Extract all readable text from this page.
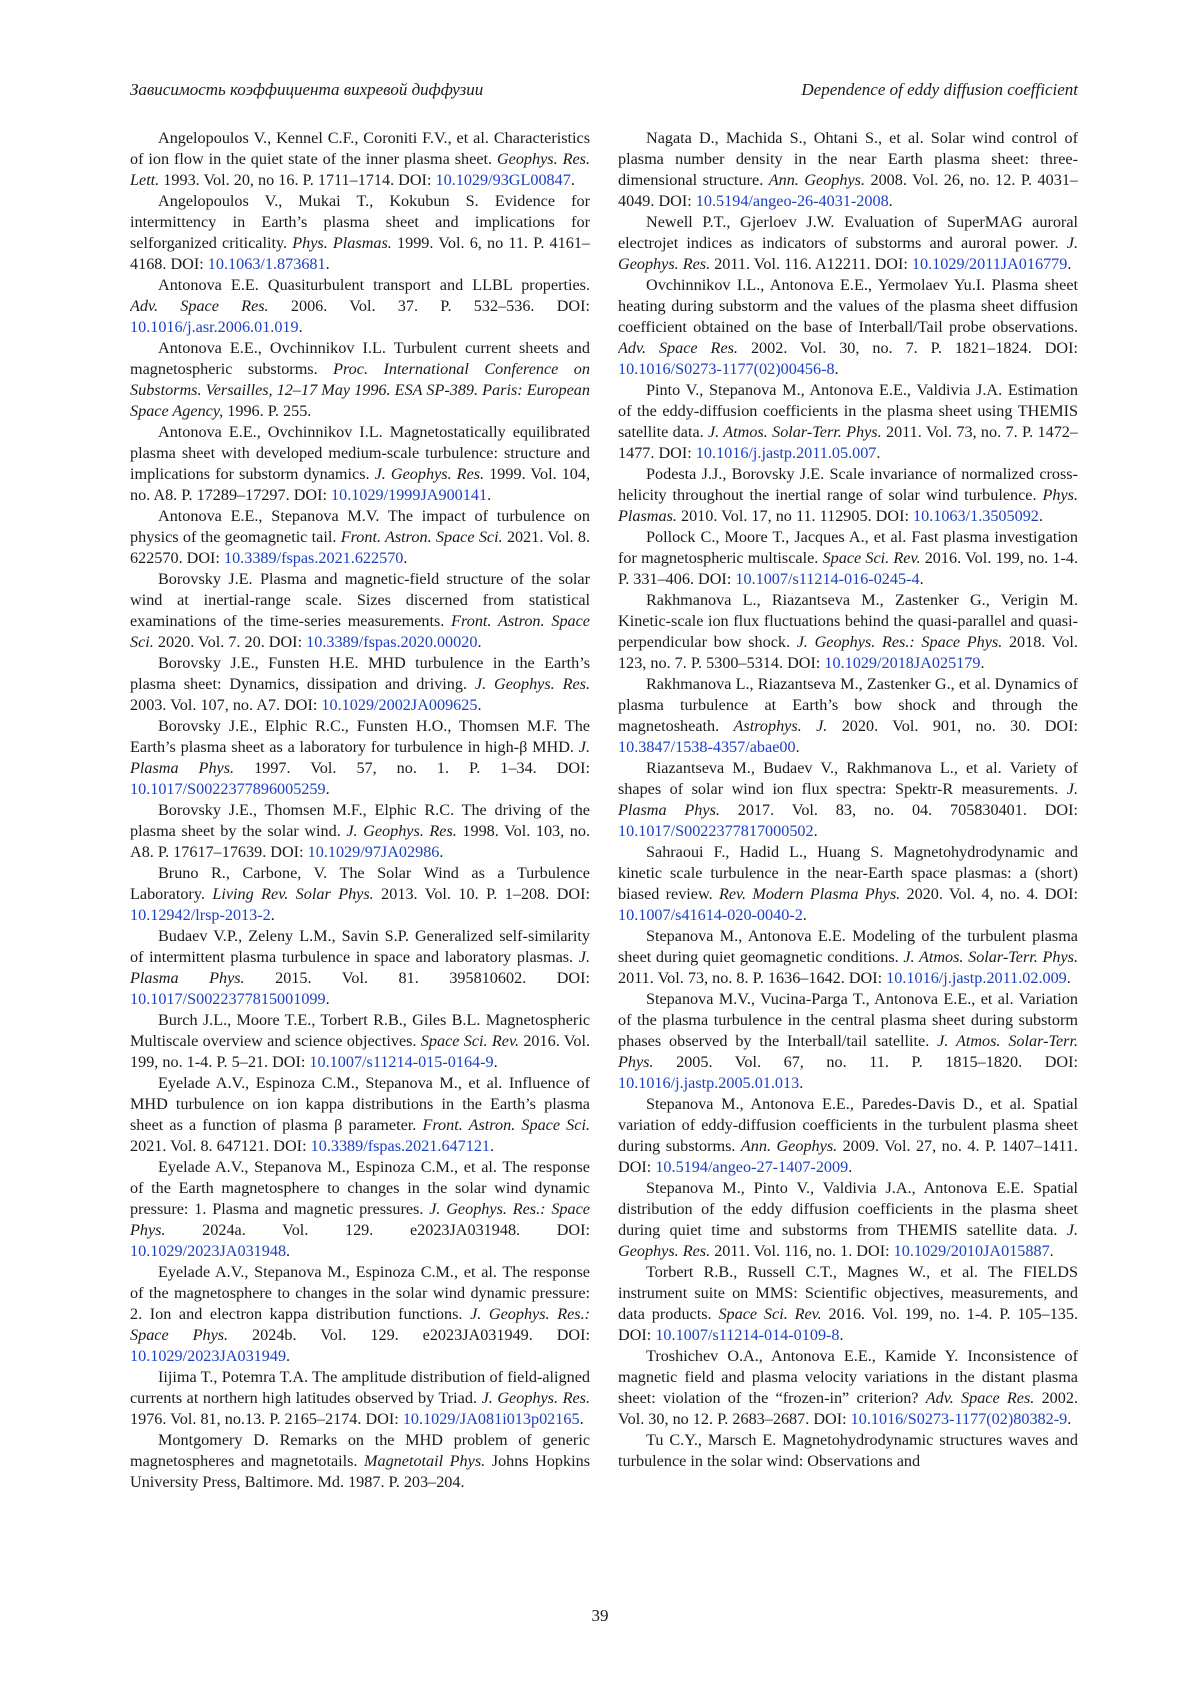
Зависимость коэффициента вихревой диффузии	Dependence of eddy diffusion coefficient

Angelopoulos V., Kennel C.F., Coroniti F.V., et al. Characteristics of ion flow in the quiet state of the inner plasma sheet. Geophys. Res. Lett. 1993. Vol. 20, no 16. P. 1711–1714. DOI: 10.1029/93GL00847.

Angelopoulos V., Mukai T., Kokubun S. Evidence for intermittency in Earth’s plasma sheet and implications for selforganized criticality. Phys. Plasmas. 1999. Vol. 6, no 11. P. 4161–4168. DOI: 10.1063/1.873681.

Antonova E.E. Quasiturbulent transport and LLBL properties. Adv. Space Res. 2006. Vol. 37. P. 532–536. DOI: 10.1016/j.asr.2006.01.019.

Antonova E.E., Ovchinnikov I.L. Turbulent current sheets and magnetospheric substorms. Proc. International Conference on Substorms. Versailles, 12–17 May 1996. ESA SP-389. Paris: European Space Agency, 1996. P. 255.

Antonova E.E., Ovchinnikov I.L. Magnetostatically equilibrated plasma sheet with developed medium-scale turbulence: structure and implications for substorm dynamics. J. Geophys. Res. 1999. Vol. 104, no. A8. P. 17289–17297. DOI: 10.1029/1999JA900141.

Antonova E.E., Stepanova M.V. The impact of turbulence on physics of the geomagnetic tail. Front. Astron. Space Sci. 2021. Vol. 8. 622570. DOI: 10.3389/fspas.2021.622570.

Borovsky J.E. Plasma and magnetic-field structure of the solar wind at inertial-range scale. Sizes discerned from statistical examinations of the time-series measurements. Front. Astron. Space Sci. 2020. Vol. 7. 20. DOI: 10.3389/fspas.2020.00020.

Borovsky J.E., Funsten H.E. MHD turbulence in the Earth’s plasma sheet: Dynamics, dissipation and driving. J. Geophys. Res. 2003. Vol. 107, no. A7. DOI: 10.1029/2002JA009625.

Borovsky J.E., Elphic R.C., Funsten H.O., Thomsen M.F. The Earth’s plasma sheet as a laboratory for turbulence in high-β MHD. J. Plasma Phys. 1997. Vol. 57, no. 1. P. 1–34. DOI: 10.1017/S0022377896005259.

Borovsky J.E., Thomsen M.F., Elphic R.C. The driving of the plasma sheet by the solar wind. J. Geophys. Res. 1998. Vol. 103, no. A8. P. 17617–17639. DOI: 10.1029/97JA02986.

Bruno R., Carbone, V. The Solar Wind as a Turbulence Laboratory. Living Rev. Solar Phys. 2013. Vol. 10. P. 1–208. DOI: 10.12942/lrsp-2013-2.

Budaev V.P., Zeleny L.M., Savin S.P. Generalized self-similarity of intermittent plasma turbulence in space and laboratory plasmas. J. Plasma Phys. 2015. Vol. 81. 395810602. DOI: 10.1017/S0022377815001099.

Burch J.L., Moore T.E., Torbert R.B., Giles B.L. Magnetospheric Multiscale overview and science objectives. Space Sci. Rev. 2016. Vol. 199, no. 1-4. P. 5–21. DOI: 10.1007/s11214-015-0164-9.

Eyelade A.V., Espinoza C.M., Stepanova M., et al. Influence of MHD turbulence on ion kappa distributions in the Earth’s plasma sheet as a function of plasma β parameter. Front. Astron. Space Sci. 2021. Vol. 8. 647121. DOI: 10.3389/fspas.2021.647121.

Eyelade A.V., Stepanova M., Espinoza C.M., et al. The response of the Earth magnetosphere to changes in the solar wind dynamic pressure: 1. Plasma and magnetic pressures. J. Geophys. Res.: Space Phys. 2024a. Vol. 129. e2023JA031948. DOI: 10.1029/2023JA031948.

Eyelade A.V., Stepanova M., Espinoza C.M., et al. The response of the magnetosphere to changes in the solar wind dynamic pressure: 2. Ion and electron kappa distribution functions. J. Geophys. Res.: Space Phys. 2024b. Vol. 129. e2023JA031949. DOI: 10.1029/2023JA031949.

Iijima T., Potemra T.A. The amplitude distribution of field-aligned currents at northern high latitudes observed by Triad. J. Geophys. Res. 1976. Vol. 81, no.13. P. 2165–2174. DOI: 10.1029/JA081i013p02165.

Montgomery D. Remarks on the MHD problem of generic magnetospheres and magnetotails. Magnetotail Phys. Johns Hopkins University Press, Baltimore. Md. 1987. P. 203–204.

Nagata D., Machida S., Ohtani S., et al. Solar wind control of plasma number density in the near Earth plasma sheet: three-dimensional structure. Ann. Geophys. 2008. Vol. 26, no. 12. P. 4031–4049. DOI: 10.5194/angeo-26-4031-2008.

Newell P.T., Gjerloev J.W. Evaluation of SuperMAG auroral electrojet indices as indicators of substorms and auroral power. J. Geophys. Res. 2011. Vol. 116. A12211. DOI: 10.1029/2011JA016779.

Ovchinnikov I.L., Antonova E.E., Yermolaev Yu.I. Plasma sheet heating during substorm and the values of the plasma sheet diffusion coefficient obtained on the base of Interball/Tail probe observations. Adv. Space Res. 2002. Vol. 30, no. 7. P. 1821–1824. DOI: 10.1016/S0273-1177(02)00456-8.

Pinto V., Stepanova M., Antonova E.E., Valdivia J.A. Estimation of the eddy-diffusion coefficients in the plasma sheet using THEMIS satellite data. J. Atmos. Solar-Terr. Phys. 2011. Vol. 73, no. 7. P. 1472–1477. DOI: 10.1016/j.jastp.2011.05.007.

Podesta J.J., Borovsky J.E. Scale invariance of normalized cross-helicity throughout the inertial range of solar wind turbulence. Phys. Plasmas. 2010. Vol. 17, no 11. 112905. DOI: 10.1063/1.3505092.

Pollock C., Moore T., Jacques A., et al. Fast plasma investigation for magnetospheric multiscale. Space Sci. Rev. 2016. Vol. 199, no. 1-4. P. 331–406. DOI: 10.1007/s11214-016-0245-4.

Rakhmanova L., Riazantseva M., Zastenker G., Verigin M. Kinetic-scale ion flux fluctuations behind the quasi-parallel and quasi-perpendicular bow shock. J. Geophys. Res.: Space Phys. 2018. Vol. 123, no. 7. P. 5300–5314. DOI: 10.1029/2018JA025179.

Rakhmanova L., Riazantseva M., Zastenker G., et al. Dynamics of plasma turbulence at Earth’s bow shock and through the magnetosheath. Astrophys. J. 2020. Vol. 901, no. 30. DOI: 10.3847/1538-4357/abae00.

Riazantseva M., Budaev V., Rakhmanova L., et al. Variety of shapes of solar wind ion flux spectra: Spektr-R measurements. J. Plasma Phys. 2017. Vol. 83, no. 04. 705830401. DOI: 10.1017/S0022377817000502.

Sahraoui F., Hadid L., Huang S. Magnetohydrodynamic and kinetic scale turbulence in the near-Earth space plasmas: a (short) biased review. Rev. Modern Plasma Phys. 2020. Vol. 4, no. 4. DOI: 10.1007/s41614-020-0040-2.

Stepanova M., Antonova E.E. Modeling of the turbulent plasma sheet during quiet geomagnetic conditions. J. Atmos. Solar-Terr. Phys. 2011. Vol. 73, no. 8. P. 1636–1642. DOI: 10.1016/j.jastp.2011.02.009.

Stepanova M.V., Vucina-Parga T., Antonova E.E., et al. Variation of the plasma turbulence in the central plasma sheet during substorm phases observed by the Interball/tail satellite. J. Atmos. Solar-Terr. Phys. 2005. Vol. 67, no. 11. P. 1815–1820. DOI: 10.1016/j.jastp.2005.01.013.

Stepanova M., Antonova E.E., Paredes-Davis D., et al. Spatial variation of eddy-diffusion coefficients in the turbulent plasma sheet during substorms. Ann. Geophys. 2009. Vol. 27, no. 4. P. 1407–1411. DOI: 10.5194/angeo-27-1407-2009.

Stepanova M., Pinto V., Valdivia J.A., Antonova E.E. Spatial distribution of the eddy diffusion coefficients in the plasma sheet during quiet time and substorms from THEMIS satellite data. J. Geophys. Res. 2011. Vol. 116, no. 1. DOI: 10.1029/2010JA015887.

Torbert R.B., Russell C.T., Magnes W., et al. The FIELDS instrument suite on MMS: Scientific objectives, measurements, and data products. Space Sci. Rev. 2016. Vol. 199, no. 1-4. P. 105–135. DOI: 10.1007/s11214-014-0109-8.

Troshichev O.A., Antonova E.E., Kamide Y. Inconsistence of magnetic field and plasma velocity variations in the distant plasma sheet: violation of the “frozen-in” criterion? Adv. Space Res. 2002. Vol. 30, no 12. P. 2683–2687. DOI: 10.1016/S0273-1177(02)80382-9.

Tu C.Y., Marsch E. Magnetohydrodynamic structures waves and turbulence in the solar wind: Observations and

39
